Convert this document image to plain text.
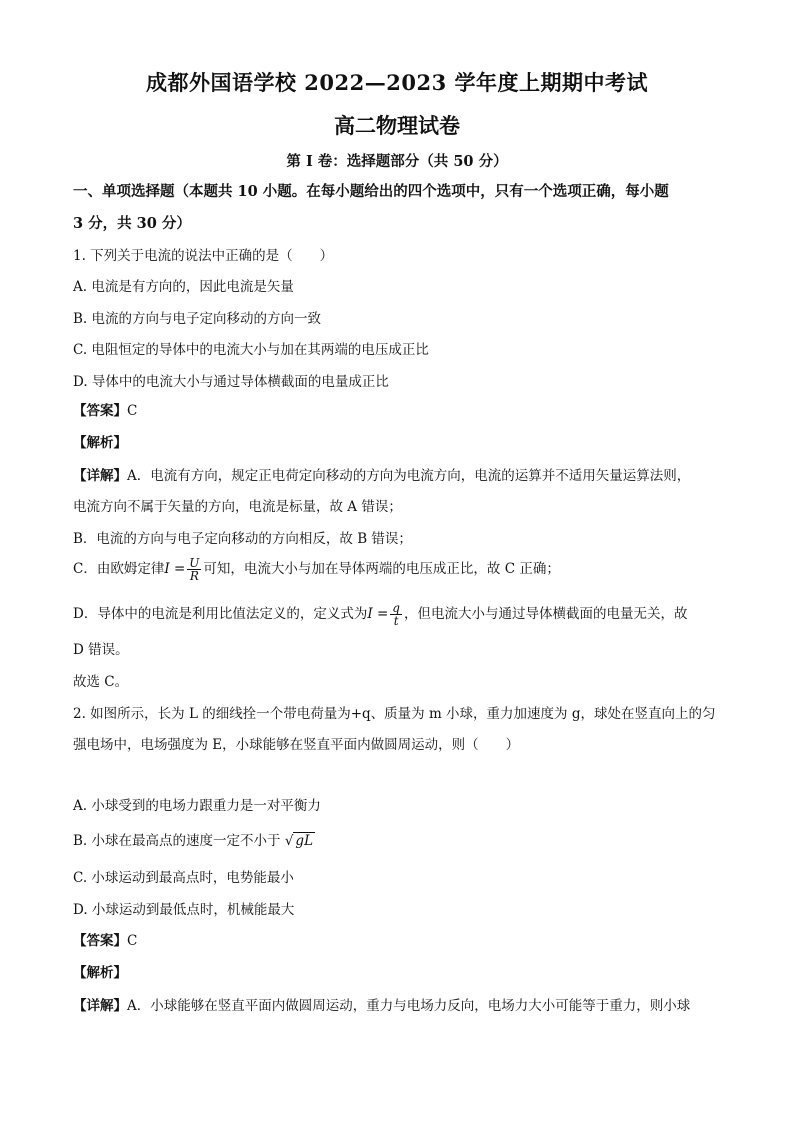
成都外国语学校 2022—2023 学年度上期期中考试
高二物理试卷
第 I 卷：选择题部分（共 50 分）
一、单项选择题（本题共 10 小题。在每小题给出的四个选项中，只有一个选项正确，每小题
3 分，共 30 分）
1. 下列关于电流的说法中正确的是（　　）
A. 电流是有方向的，因此电流是矢量
B. 电流的方向与电子定向移动的方向一致
C. 电阻恒定的导体中的电流大小与加在其两端的电压成正比
D. 导体中的电流大小与通过导体横截面的电量成正比
【答案】C
【解析】
【详解】A．电流有方向，规定正电荷定向移动的方向为电流方向，电流的运算并不适用矢量运算法则，
电流方向不属于矢量的方向，电流是标量，故 A 错误；
B．电流的方向与电子定向移动的方向相反，故 B 错误；
C．由欧姆定律$I = \frac{U}{R}$ 可知，电流大小与加在导体两端的电压成正比，故 C 正确；
D．导体中的电流是利用比值法定义的，定义式为$I = \frac{q}{t}$ ，但电流大小与通过导体横截面的电量无关，故
D 错误。
故选 C。
2. 如图所示，长为 L 的细线拴一个带电荷量为+q、质量为 m 小球，重力加速度为 g，球处在竖直向上的匀
强电场中，电场强度为 E，小球能够在竖直平面内做圆周运动，则（　　）
A. 小球受到的电场力跟重力是一对平衡力
B. 小球在最高点的速度一定不小于 √ gL
C. 小球运动到最高点时，电势能最小
D. 小球运动到最低点时，机械能最大
【答案】C
【解析】
【详解】A．小球能够在竖直平面内做圆周运动，重力与电场力反向，电场力大小可能等于重力，则小球
